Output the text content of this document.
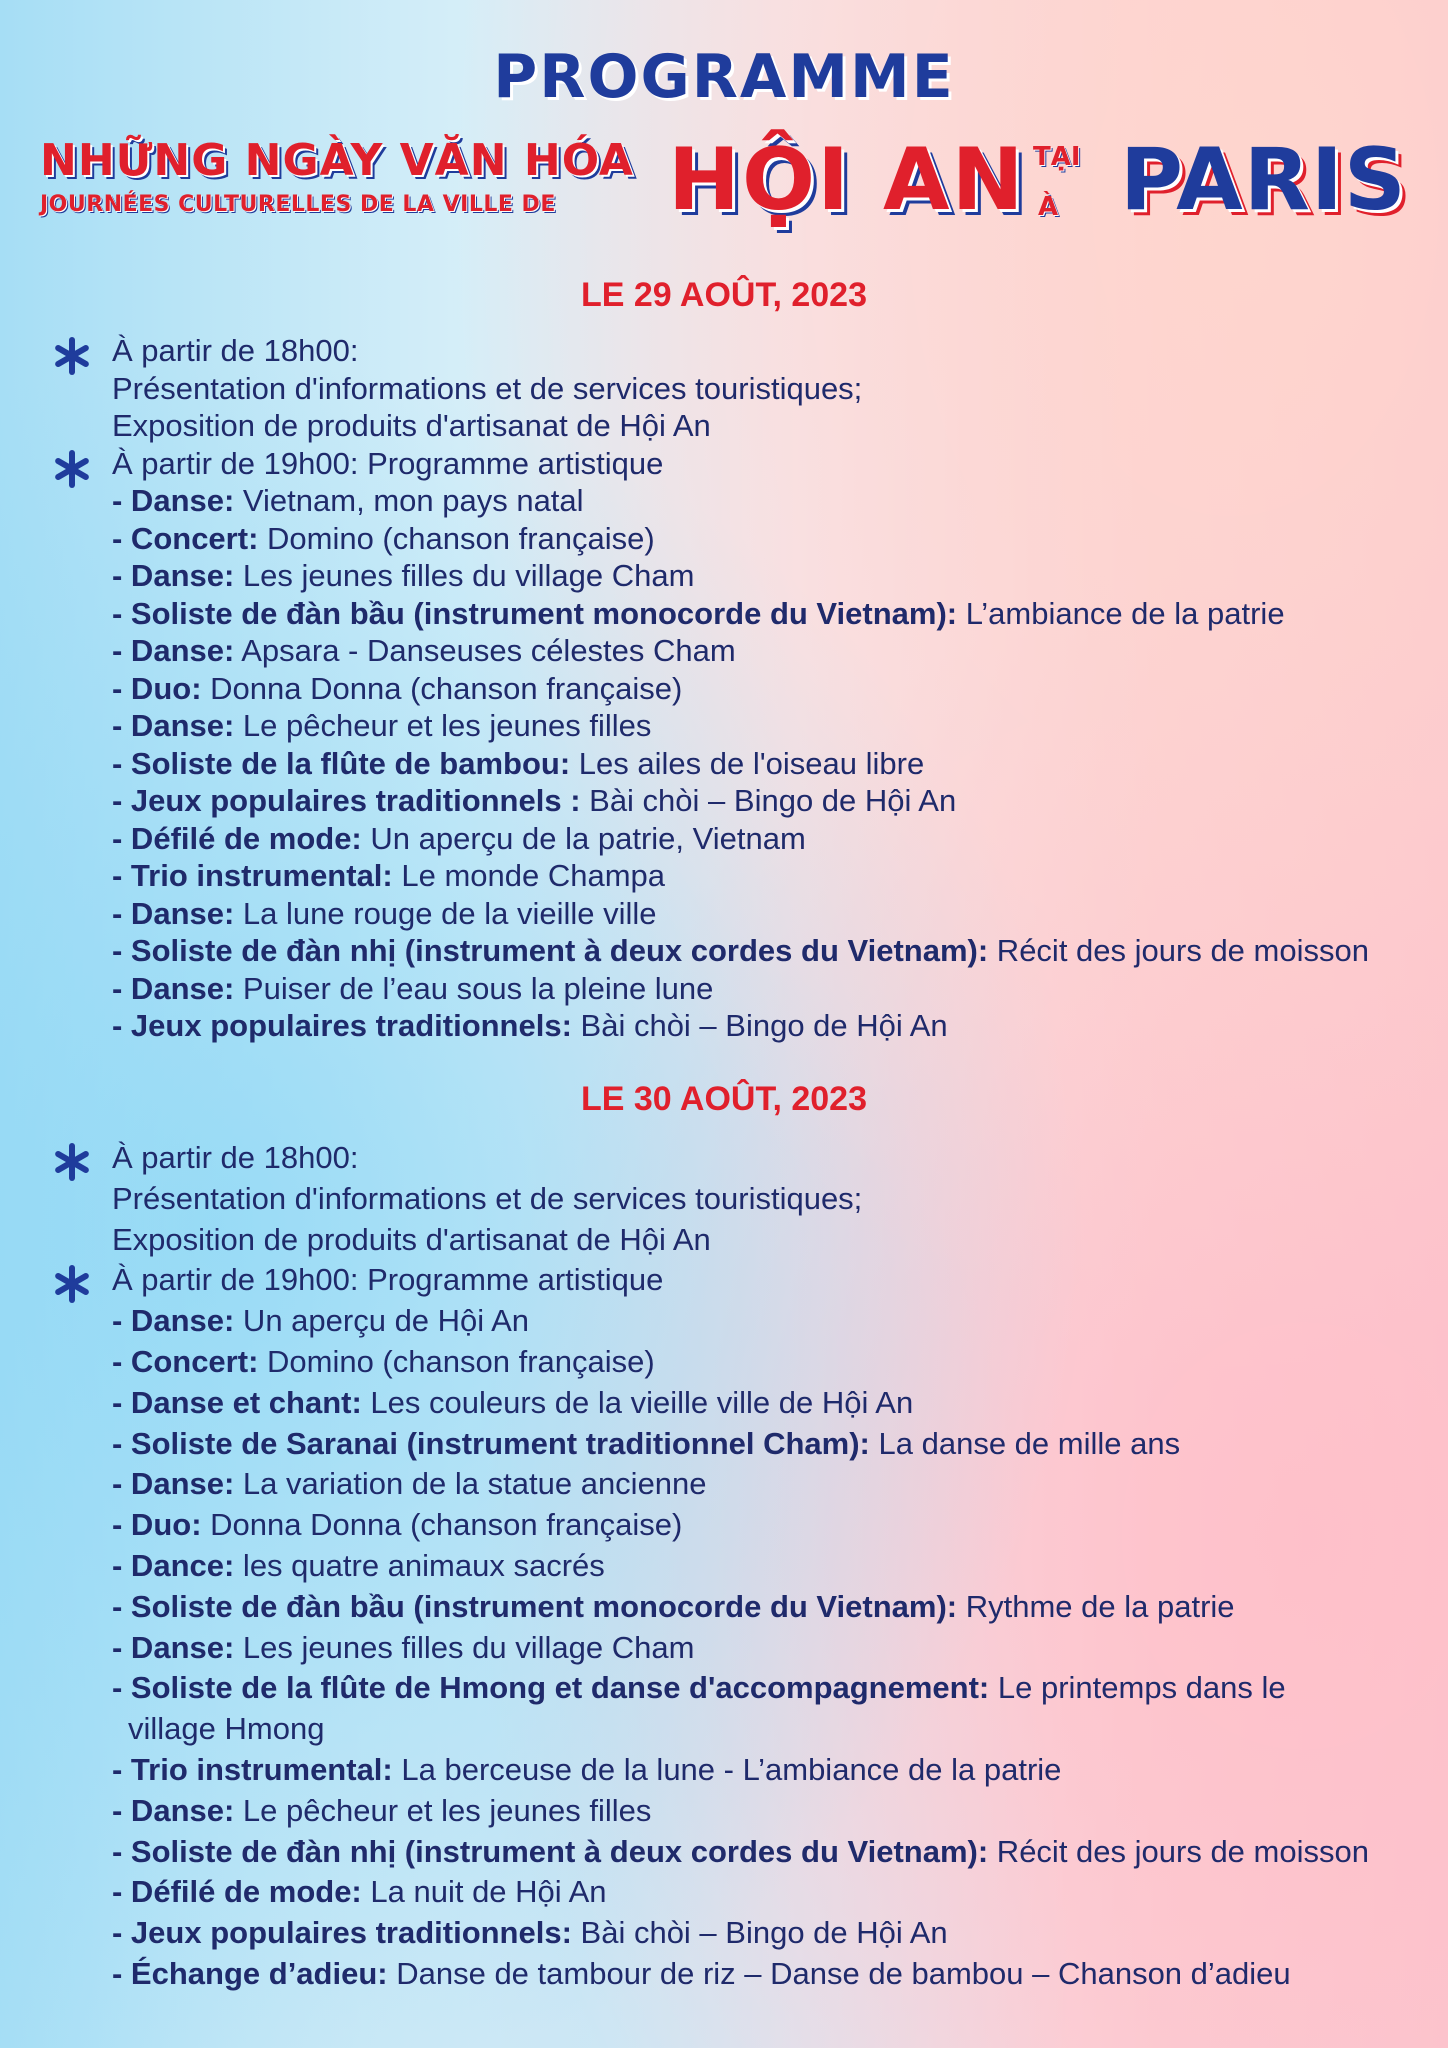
PROGRAMME
NHỮNG NGÀY VĂN HÓA
JOURNÉES CULTURELLES DE LA VILLE DE	HỘI AN TẠI
À PARIS
LE 29 AOÛT, 2023
À partir de 18h00:
Présentation d'informations et de services touristiques;
Exposition de produits d'artisanat de Hội An
À partir de 19h00: Programme artistique
- Danse: Vietnam, mon pays natal
- Concert: Domino (chanson française)
- Danse: Les jeunes filles du village Cham
- Soliste de đàn bầu (instrument monocorde du Vietnam): L’ambiance de la patrie
- Danse: Apsara - Danseuses célestes Cham
- Duo: Donna Donna (chanson française)
- Danse: Le pêcheur et les jeunes filles
- Soliste de la flûte de bambou: Les ailes de l'oiseau libre
- Jeux populaires traditionnels : Bài chòi – Bingo de Hội An
- Défilé de mode: Un aperçu de la patrie, Vietnam
- Trio instrumental: Le monde Champa
- Danse: La lune rouge de la vieille ville
- Soliste de đàn nhị (instrument à deux cordes du Vietnam): Récit des jours de moisson
- Danse: Puiser de l’eau sous la pleine lune
- Jeux populaires traditionnels: Bài chòi – Bingo de Hội An
LE 30 AOÛT, 2023
À partir de 18h00:
Présentation d'informations et de services touristiques;
Exposition de produits d'artisanat de Hội An
À partir de 19h00: Programme artistique
- Danse: Un aperçu de Hội An
- Concert: Domino (chanson française)
- Danse et chant: Les couleurs de la vieille ville de Hội An
- Soliste de Saranai (instrument traditionnel Cham): La danse de mille ans
- Danse: La variation de la statue ancienne
- Duo: Donna Donna (chanson française)
- Dance: les quatre animaux sacrés
- Soliste de đàn bầu (instrument monocorde du Vietnam): Rythme de la patrie
- Danse: Les jeunes filles du village Cham
- Soliste de la flûte de Hmong et danse d'accompagnement: Le printemps dans le
village Hmong
- Trio instrumental: La berceuse de la lune - L’ambiance de la patrie
- Danse: Le pêcheur et les jeunes filles
- Soliste de đàn nhị (instrument à deux cordes du Vietnam): Récit des jours de moisson
- Défilé de mode: La nuit de Hội An
- Jeux populaires traditionnels: Bài chòi – Bingo de Hội An
- Échange d’adieu: Danse de tambour de riz – Danse de bambou – Chanson d’adieu
